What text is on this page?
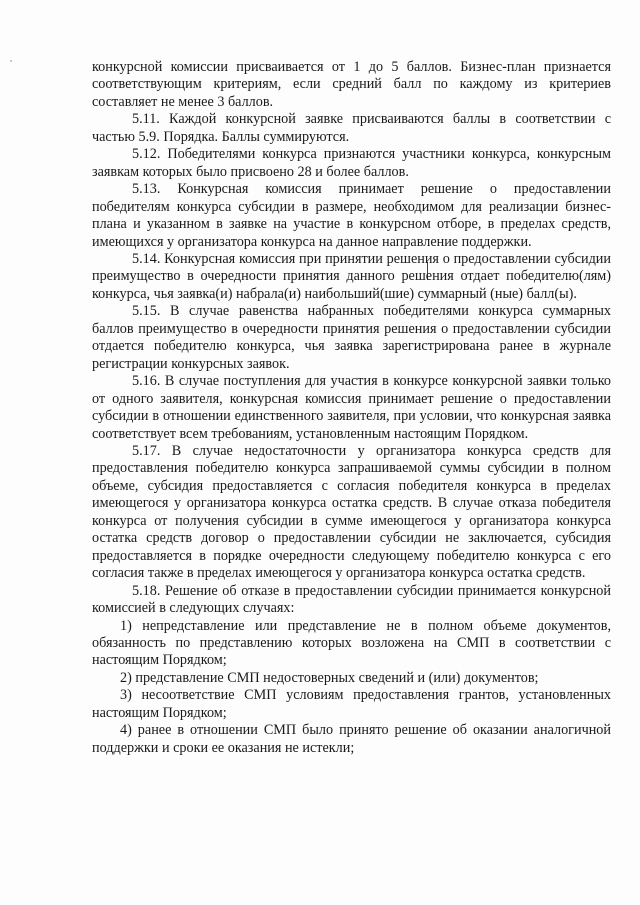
конкурсной комиссии присваивается от 1 до 5 баллов. Бизнес-план признается соответствующим критериям, если средний балл по каждому из критериев составляет не менее 3 баллов.

5.11. Каждой конкурсной заявке присваиваются баллы в соответствии с частью 5.9. Порядка. Баллы суммируются.

5.12. Победителями конкурса признаются участники конкурса, конкурсным заявкам которых было присвоено 28 и более баллов.

5.13. Конкурсная комиссия принимает решение о предоставлении победителям конкурса субсидии в размере, необходимом для реализации бизнес-плана и указанном в заявке на участие в конкурсном отборе, в пределах средств, имеющихся у организатора конкурса на данное направление поддержки.

5.14. Конкурсная комиссия при принятии решения о предоставлении субсидии преимущество в очередности принятия данного решения отдает победителю(лям) конкурса, чья заявка(и) набрала(и) наибольший(шие) суммарный (ные) балл(ы).

5.15. В случае равенства набранных победителями конкурса суммарных баллов преимущество в очередности принятия решения о предоставлении субсидии отдается победителю конкурса, чья заявка зарегистрирована ранее в журнале регистрации конкурсных заявок.

5.16. В случае поступления для участия в конкурсе конкурсной заявки только от одного заявителя, конкурсная комиссия принимает решение о предоставлении субсидии в отношении единственного заявителя, при условии, что конкурсная заявка соответствует всем требованиям, установленным настоящим Порядком.

5.17. В случае недостаточности у организатора конкурса средств для предоставления победителю конкурса запрашиваемой суммы субсидии в полном объеме, субсидия предоставляется с согласия победителя конкурса в пределах имеющегося у организатора конкурса остатка средств. В случае отказа победителя конкурса от получения субсидии в сумме имеющегося у организатора конкурса остатка средств договор о предоставлении субсидии не заключается, субсидия предоставляется в порядке очередности следующему победителю конкурса с его согласия также в пределах имеющегося у организатора конкурса остатка средств.

5.18. Решение об отказе в предоставлении субсидии принимается конкурсной комиссией в следующих случаях:

1) непредставление или представление не в полном объеме документов, обязанность по представлению которых возложена на СМП в соответствии с настоящим Порядком;

2) представление СМП недостоверных сведений и (или) документов;

3) несоответствие СМП условиям предоставления грантов, установленных настоящим Порядком;

4) ранее в отношении СМП было принято решение об оказании аналогичной поддержки и сроки ее оказания не истекли;
